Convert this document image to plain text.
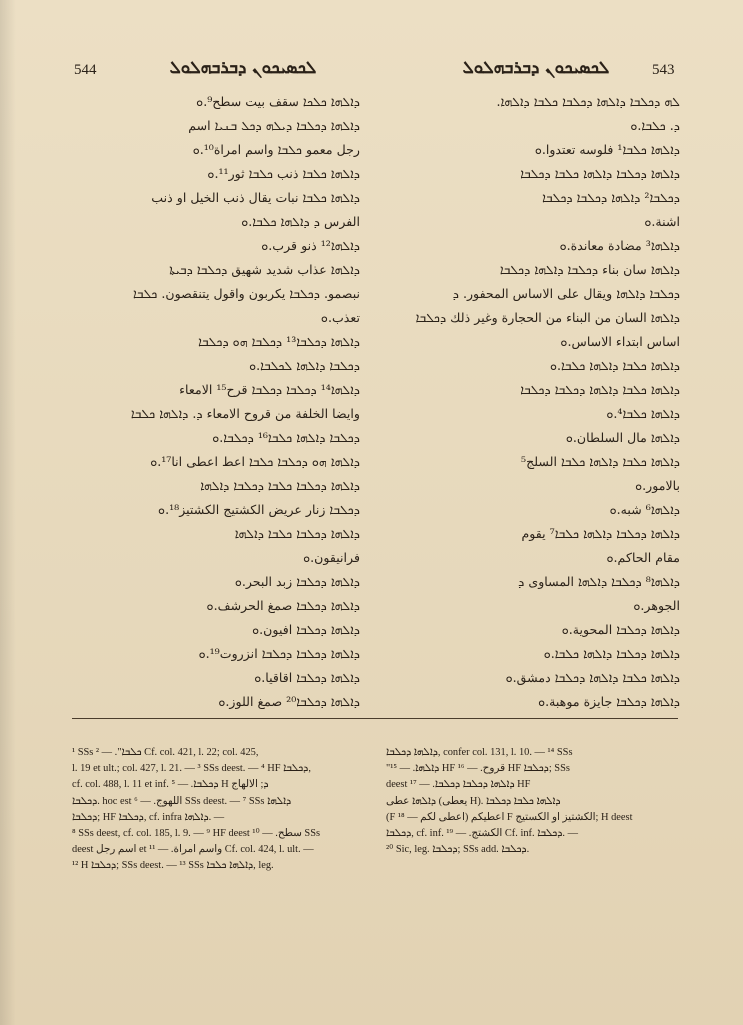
544	ܠܟܣܝܟܘܢ ܕܒܪܒܗܠܘܠ	ܠܟܣܝܟܘܢ ܕܒܪܒܗܠܘܠ	543
ܕܐܠܗܐ ܟܠܟܐ سقف بيت سطح⁹.ܘ
ܕܐܠܗܐ ܕܟܠܒܐ ܕܝܠܗ ܕܟܠ ܒܢܝܐ اسم
رجل معمو ܟܠܒܐ واسم امراة¹⁰.ܘ
ܕܐܠܗܐ ܟܠܒܐ ذنب ܟܠܒܐ ثور¹¹.ܘ
ܕܐܠܗܐ ܟܠܒܐ نبات يقال ذنب الخيل او ذنب
الفرس ܕ ܕܐܠܗܐ ܟܠܒܐ.ܘ
ܕܐܠܗܐ¹² ذنو قرب.ܘ
ܕܐܠܗܐ عذاب شديد شهيق ܕܟܠܒܐ ܕܒܝܬܐ
نبصمو. ܕܟܠܒܐ يكربون واقول يتنقصون. ܟܠܒܐ
تعذب.ܘ
ܕܐܠܗܐ ܕܟܠܒܐ¹³ ܕܟܠܒܐ ܗܘ ܕܟܠܒܐ
ܕܟܠܒܐ ܕܐܠܗܐ ܠܟܠܒܐ.ܘ
ܕܐܠܗܐ¹⁴ ܕܟܠܒܐ ܕܟܠܒܐ قرح¹⁵ الامعاء
وايضا الخلفة من قروح الامعاء ܕ. ܕܐܠܗܐ ܟܠܒܐ
ܕܟܠܒܐ ܕܐܠܗܐ ܟܠܒܐ¹⁶ ܕܟܠܒܐ.ܘ
ܕܐܠܗܐ ܗܘ ܕܟܠܒܐ ܟܠܒܐ اعط اعطى انا¹⁷.ܘ
ܕܐܠܗܐ ܕܟܠܒܐ ܟܠܒܐ ܕܟܠܒܐ ܕܐܠܗܐ
ܕܟܠܒܐ زنار عريض الكشتيج الكشتيز¹⁸.ܘ
ܕܐܠܗܐ ܕܟܠܒܐ ܟܠܒܐ ܕܐܠܗܐ
فرانيقون.ܘ
ܕܐܠܗܐ ܕܟܠܒܐ زبد البحر.ܘ
ܕܐܠܗܐ ܕܟܠܒܐ صمغ الحرشف.ܘ
ܕܐܠܗܐ ܕܟܠܒܐ افيون.ܘ
ܕܐܠܗܐ ܕܟܠܒܐ ܕܟܠܒܐ انزروت¹⁹.ܘ
ܕܐܠܗܐ ܕܟܠܒܐ اقاقيا.ܘ
ܕܐܠܗܐ ܕܟܠܒܐ²⁰ صمغ اللوز.ܘ
ܠܗ ܕܟܠܒܐ ܕܐܠܗܐ ܕܟܠܒܐ ܟܠܒܐ ܕܐܠܗܐ.
ܕ. ܟܠܒܐ.ܘ
ܕܐܠܗܐ ܟܠܒܐ¹ فلوسه تعتدوا.ܘ
ܕܐܠܗܐ ܕܟܠܒܐ ܕܐܠܗܐ ܟܠܒܐ ܕܟܠܒܐ
ܕܟܠܒܐ² ܕܐܠܗܐ ܕܟܠܒܐ ܕܟܠܒܐ
اشنة.ܘ
ܕܐܠܗܐ³ مضادة معاندة.ܘ
ܕܐܠܗܐ سان بناء ܕܟܠܒܐ ܕܐܠܗܐ ܕܟܠܒܐ
ܕܟܠܒܐ ܕܐܠܗܐ ويقال على الاساس المحفور. ܕ
ܕܐܠܗܐ السان من البناء من الحجارة وغير ذلك ܕܟܠܒܐ
اساس ابتداء الاساس.ܘ
ܕܐܠܗܐ ܟܠܒܐ ܕܐܠܗܐ ܟܠܒܐ.ܘ
ܕܐܠܗܐ ܟܠܒܐ ܕܐܠܗܐ ܕܟܠܒܐ ܕܟܠܒܐ
ܕܐܠܗܐ ܟܠܒܐ⁴.ܘ
ܕܐܠܗܐ مال السلطان.ܘ
ܕܐܠܗܐ ܟܠܒܐ ܕܐܠܗܐ ܟܠܒܐ السلج⁵
بالامور.ܘ
ܕܐܠܗܐ⁶ شبه.ܘ
ܕܐܠܗܐ ܕܟܠܒܐ ܕܐܠܗܐ ܟܠܒܐ⁷ يقوم
مقام الحاكم.ܘ
ܕܐܠܗܐ⁸ ܕܟܠܒܐ ܕܐܠܗܐ المساوى ܕ
الجوهر.ܘ
ܕܐܠܗܐ ܕܟܠܒܐ المحوية.ܘ
ܕܐܠܗܐ ܕܟܠܒܐ ܕܐܠܗܐ ܟܠܒܐ.ܘ
ܕܐܠܗܐ ܟܠܒܐ ܕܐܠܗܐ ܕܟܠܒܐ دمشق.ܘ
ܕܐܠܗܐ ܕܟܠܒܐ جايزة موهبة.ܘ
¹ SSs ܟܠܒܐ". — ² Cf. col. 421, l. 22; col. 425,
l. 19 et ult.; col. 427, l. 21. — ³ SSs deest. — ⁴ HF ܕܟܠܒܐ,
cf. col. 488, l. 11 et inf. ܕܟܠܒܐ. — ⁵ H ܕ; الالهاج
ܕܟܠܒܐ. hoc est اللهوج. — ⁶ SSs deest. — ⁷ SSs ܕܐܠܗܐ
ܕܟܠܒܐ; HF ܕܟܠܒܐ, cf. infra ܕܐܠܗܐ. —
⁸ SSs deest, cf. col. 185, l. 9. — ⁹ HF deest سطح. — ¹⁰ SSs
deest اسم رجل et واسم امراة. — ¹¹ Cf. col. 424, l. ult. —
¹² H ܕܟܠܒܐ; SSs deest. — ¹³ SSs ܕܐܠܗܐ ܟܠܒܐ, leg.
ܕܐܠܗܐ ܕܟܠܒܐ, confer col. 131, l. 10. — ¹⁴ SSs
"ܕܐܠܗܐ. — ¹⁵ HF قروح. — ¹⁶ HF ܕܟܠܒܐ; SSs
deest ܕܐܠܗܐ ܕܟܠܒܐ ܕܟܠܒܐ. — ¹⁷ HF
ܕܐܠܗܐ عطى (يعطى H). ܕܐܠܗܐ ܟܠܒܐ ܕܟܠܒܐ
(F اعطيكم (اعطى لكم — ¹⁸ F الكشتيز او الكستيج; H deest
ܕܟܠܒܐ, cf. inf. الكشتج. — ¹⁹ Cf. inf. ܕܟܠܒܐ. —
²⁰ Sic, leg. ܕܟܠܒܐ; SSs add. ܕܟܠܒܐ.
